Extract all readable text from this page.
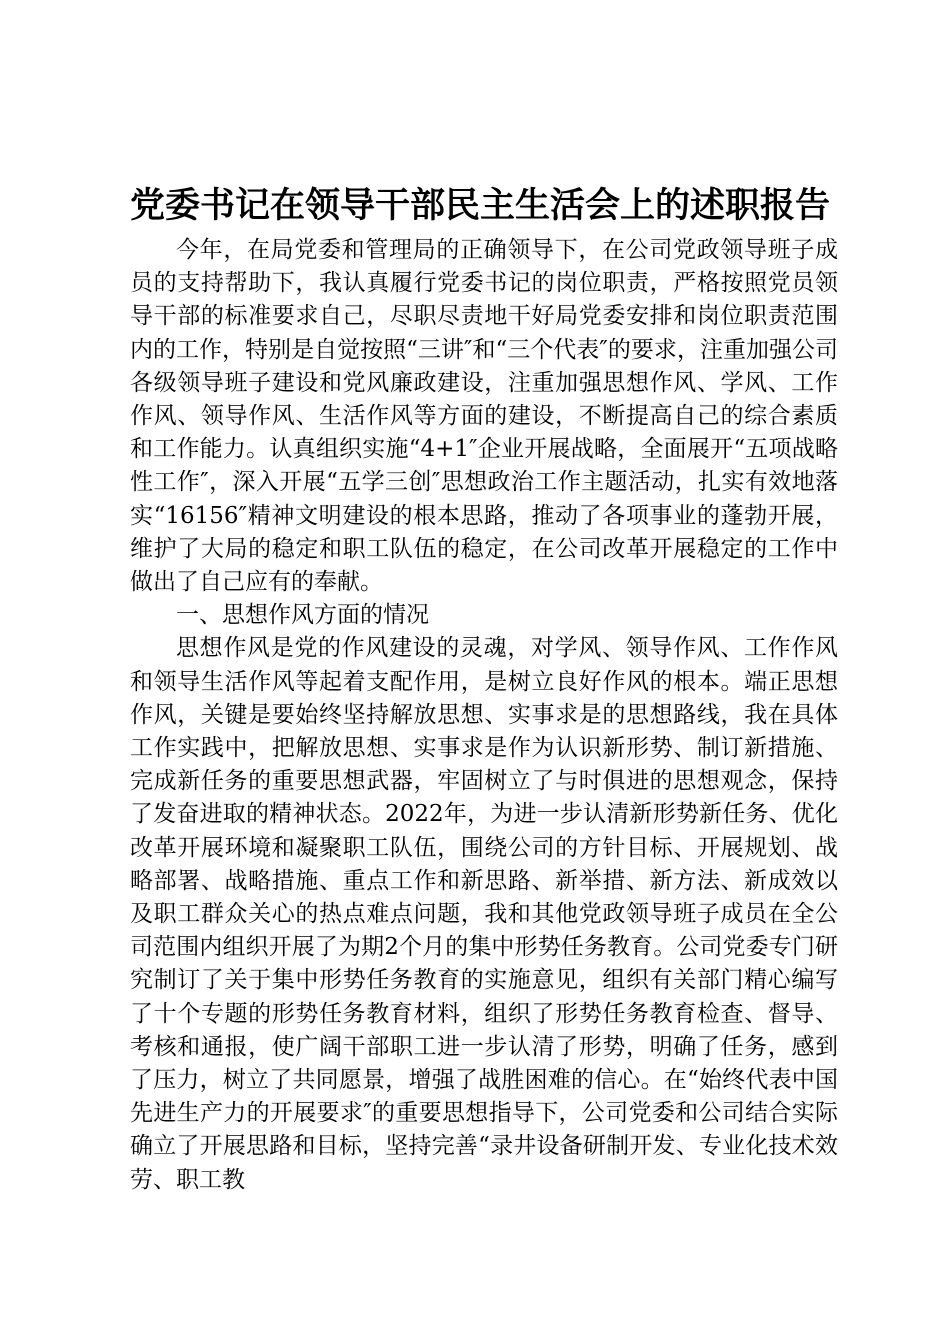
党委书记在领导干部民主生活会上的述职报告

今年，在局党委和管理局的正确领导下，在公司党政领导班子成员的支持帮助下，我认真履行党委书记的岗位职责，严格按照党员领导干部的标准要求自己，尽职尽责地干好局党委安排和岗位职责范围内的工作，特别是自觉按照“三讲″和“三个代表″的要求，注重加强公司各级领导班子建设和党风廉政建设，注重加强思想作风、学风、工作作风、领导作风、生活作风等方面的建设，不断提高自己的综合素质和工作能力。认真组织实施“4+1″企业开展战略，全面展开“五项战略性工作″，深入开展“五学三创″思想政治工作主题活动，扎实有效地落实“16156″精神文明建设的根本思路，推动了各项事业的蓬勃开展，维护了大局的稳定和职工队伍的稳定，在公司改革开展稳定的工作中做出了自己应有的奉献。

一、思想作风方面的情况

思想作风是党的作风建设的灵魂，对学风、领导作风、工作作风和领导生活作风等起着支配作用，是树立良好作风的根本。端正思想作风，关键是要始终坚持解放思想、实事求是的思想路线，我在具体工作实践中，把解放思想、实事求是作为认识新形势、制订新措施、完成新任务的重要思想武器，牢固树立了与时俱进的思想观念，保持了发奋进取的精神状态。2022年，为进一步认清新形势新任务、优化改革开展环境和凝聚职工队伍，围绕公司的方针目标、开展规划、战略部署、战略措施、重点工作和新思路、新举措、新方法、新成效以及职工群众关心的热点难点问题，我和其他党政领导班子成员在全公司范围内组织开展了为期2个月的集中形势任务教育。公司党委专门研究制订了关于集中形势任务教育的实施意见，组织有关部门精心编写了十个专题的形势任务教育材料，组织了形势任务教育检查、督导、考核和通报，使广阔干部职工进一步认清了形势，明确了任务，感到了压力，树立了共同愿景，增强了战胜困难的信心。在“始终代表中国先进生产力的开展要求″的重要思想指导下，公司党委和公司结合实际确立了开展思路和目标，坚持完善“录井设备研制开发、专业化技术效劳、职工教
